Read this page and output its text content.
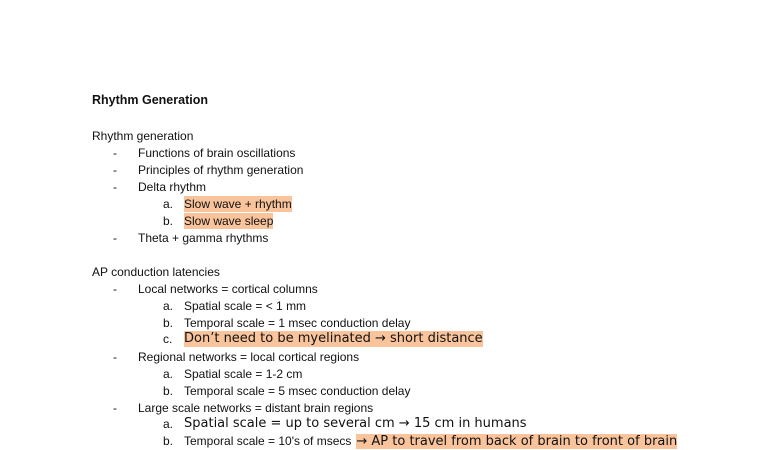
Rhythm Generation
Rhythm generation
- Functions of brain oscillations
- Principles of rhythm generation
- Delta rhythm
a. Slow wave + rhythm
b. Slow wave sleep
- Theta + gamma rhythms
AP conduction latencies
- Local networks = cortical columns
a. Spatial scale = < 1 mm
b. Temporal scale = 1 msec conduction delay
c. Don’t need to be myelinated → short distance
- Regional networks = local cortical regions
a. Spatial scale = 1-2 cm
b. Temporal scale = 5 msec conduction delay
- Large scale networks = distant brain regions
a. Spatial scale = up to several cm → 15 cm in humans
b. Temporal scale = 10's of msecs → AP to travel from back of brain to front of brain
